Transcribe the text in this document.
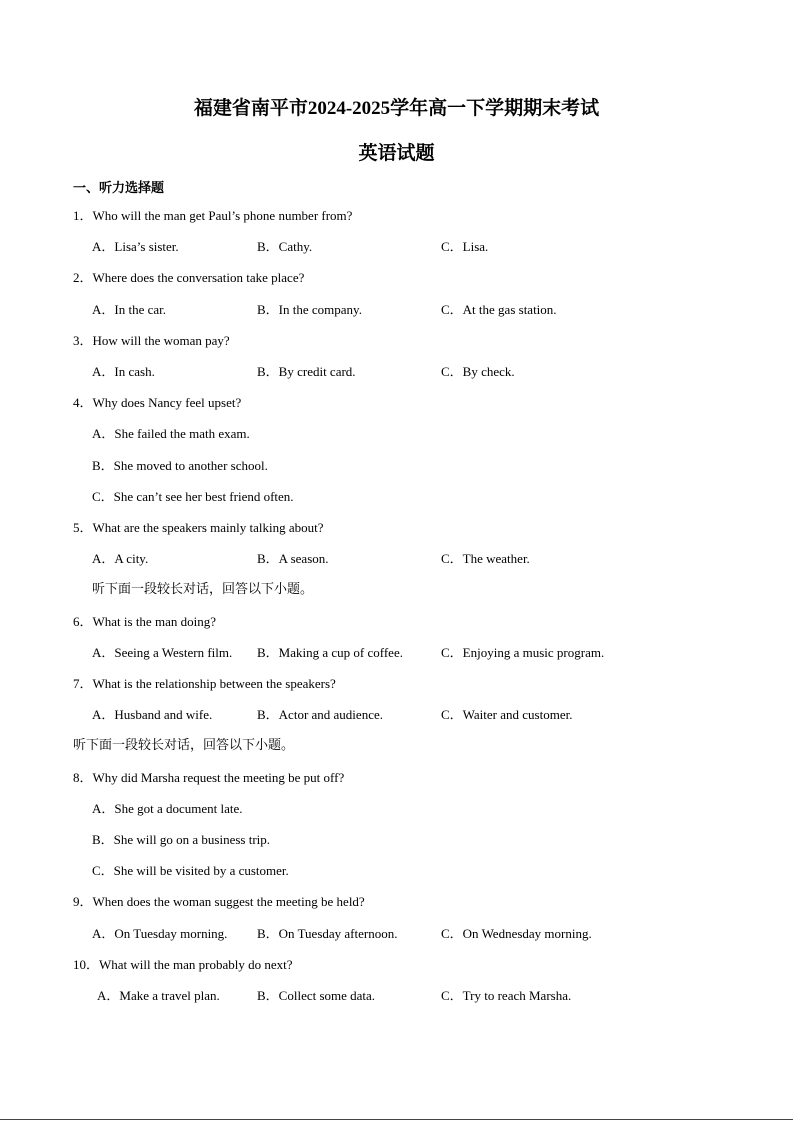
福建省南平市2024-2025学年高一下学期期末考试
英语试题
一、听力选择题
1．Who will the man get Paul’s phone number from?
A．Lisa’s sister.	B．Cathy.	C．Lisa.
2．Where does the conversation take place?
A．In the car.	B．In the company.	C．At the gas station.
3．How will the woman pay?
A．In cash.	B．By credit card.	C．By check.
4．Why does Nancy feel upset?
A．She failed the math exam.
B．She moved to another school.
C．She can’t see her best friend often.
5．What are the speakers mainly talking about?
A．A city.	B．A season.	C．The weather.
听下面一段较长对话，回答以下小题。
6．What is the man doing?
A．Seeing a Western film. B．Making a cup of coffee.	C．Enjoying a music program.
7．What is the relationship between the speakers?
A．Husband and wife.	B．Actor and audience.	C．Waiter and customer.
听下面一段较长对话，回答以下小题。
8．Why did Marsha request the meeting be put off?
A．She got a document late.
B．She will go on a business trip.
C．She will be visited by a customer.
9．When does the woman suggest the meeting be held?
A．On Tuesday morning. B．On Tuesday afternoon.	C．On Wednesday morning.
10．What will the man probably do next?
A．Make a travel plan.	B．Collect some data.	C．Try to reach Marsha.
